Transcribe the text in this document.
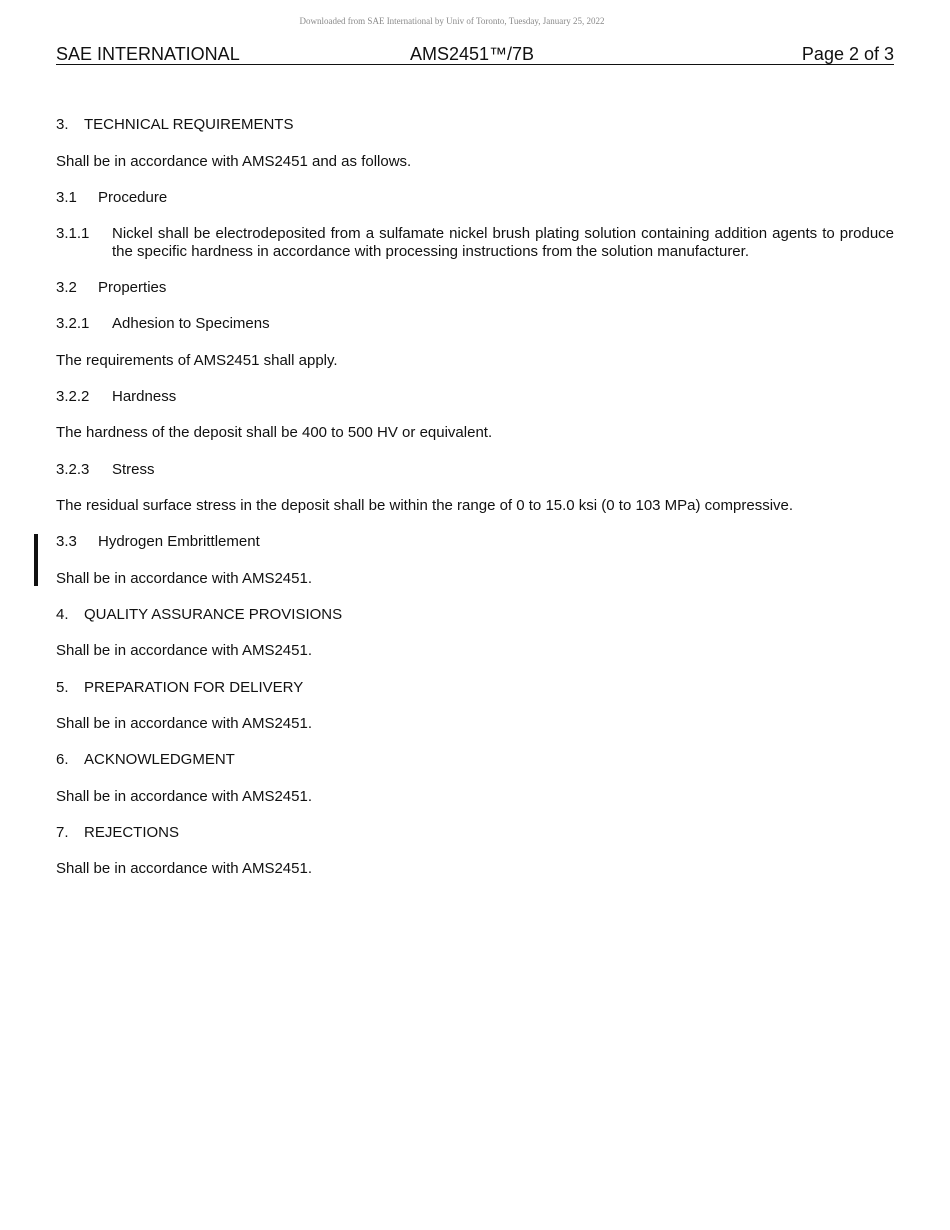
Downloaded from SAE International by Univ of Toronto, Tuesday, January 25, 2022
SAE INTERNATIONAL	AMS2451™/7B	Page 2 of 3
3. TECHNICAL REQUIREMENTS
Shall be in accordance with AMS2451 and as follows.
3.1 Procedure
3.1.1 Nickel shall be electrodeposited from a sulfamate nickel brush plating solution containing addition agents to produce the specific hardness in accordance with processing instructions from the solution manufacturer.
3.2 Properties
3.2.1 Adhesion to Specimens
The requirements of AMS2451 shall apply.
3.2.2 Hardness
The hardness of the deposit shall be 400 to 500 HV or equivalent.
3.2.3 Stress
The residual surface stress in the deposit shall be within the range of 0 to 15.0 ksi (0 to 103 MPa) compressive.
3.3 Hydrogen Embrittlement
Shall be in accordance with AMS2451.
4. QUALITY ASSURANCE PROVISIONS
Shall be in accordance with AMS2451.
5. PREPARATION FOR DELIVERY
Shall be in accordance with AMS2451.
6. ACKNOWLEDGMENT
Shall be in accordance with AMS2451.
7. REJECTIONS
Shall be in accordance with AMS2451.
